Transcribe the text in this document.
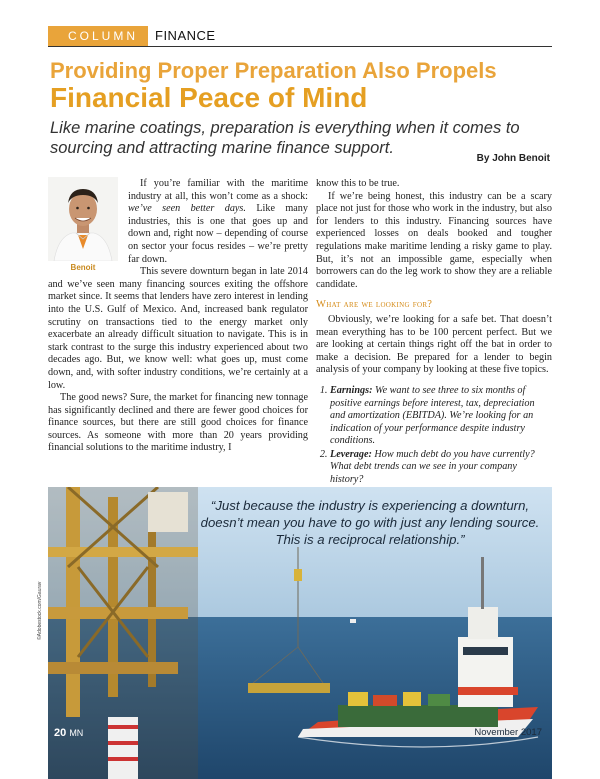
COLUMN FINANCE
Providing Proper Preparation Also Propels
Financial Peace of Mind
Like marine coatings, preparation is everything when it comes to sourcing and attracting marine finance support.
By John Benoit
Benoit

If you’re familiar with the maritime industry at all, this won’t come as a shock: we’ve seen better days. Like many industries, this is one that goes up and down and, right now – depending of course on sector your focus resides – we’re pretty far down.

This severe downturn began in late 2014 and we’ve seen many financing sources exiting the offshore market since. It seems that lenders have zero interest in lending into the U.S. Gulf of Mexico. And, increased bank regulator scrutiny on transactions tied to the energy market only exacerbate an already difficult situation to navigate. This is in stark contrast to the surge this industry experienced about two decades ago. But, we know well: what goes up, must come down, and, with softer industry conditions, we’re certainly at a low.

The good news? Sure, the market for financing new tonnage has significantly declined and there are fewer good choices for finance sources, but there are still good choices for finance sources. As someone with more than 20 years providing financial solutions to the maritime industry, I

know this to be true.

If we’re being honest, this industry can be a scary place not just for those who work in the industry, but also for lenders to this industry. Financing sources have experienced losses on deals booked and tougher regulations make maritime lending a risky game to play. But, it’s not an impossible game, especially when borrowers can do the leg work to show they are a reliable candidate.

What are we looking for?

Obviously, we’re looking for a safe bet. That doesn’t mean everything has to be 100 percent perfect. But we are looking at certain things right off the bat in order to make a decision. Be prepared for a lender to begin analysis of your company by looking at these five topics.

1. Earnings: We want to see three to six months of positive earnings before interest, tax, depreciation and amortization (EBITDA). We’re looking for an indication of your performance despite industry conditions.
2. Leverage: How much debt do you have currently? What debt trends can we see in your company history?
“Just because the industry is experiencing a downturn, doesn’t mean you have to go with just any lending source. This is a reciprocal relationship.”
20 MN	November 2017
©Adobestock.com/Gaurav
